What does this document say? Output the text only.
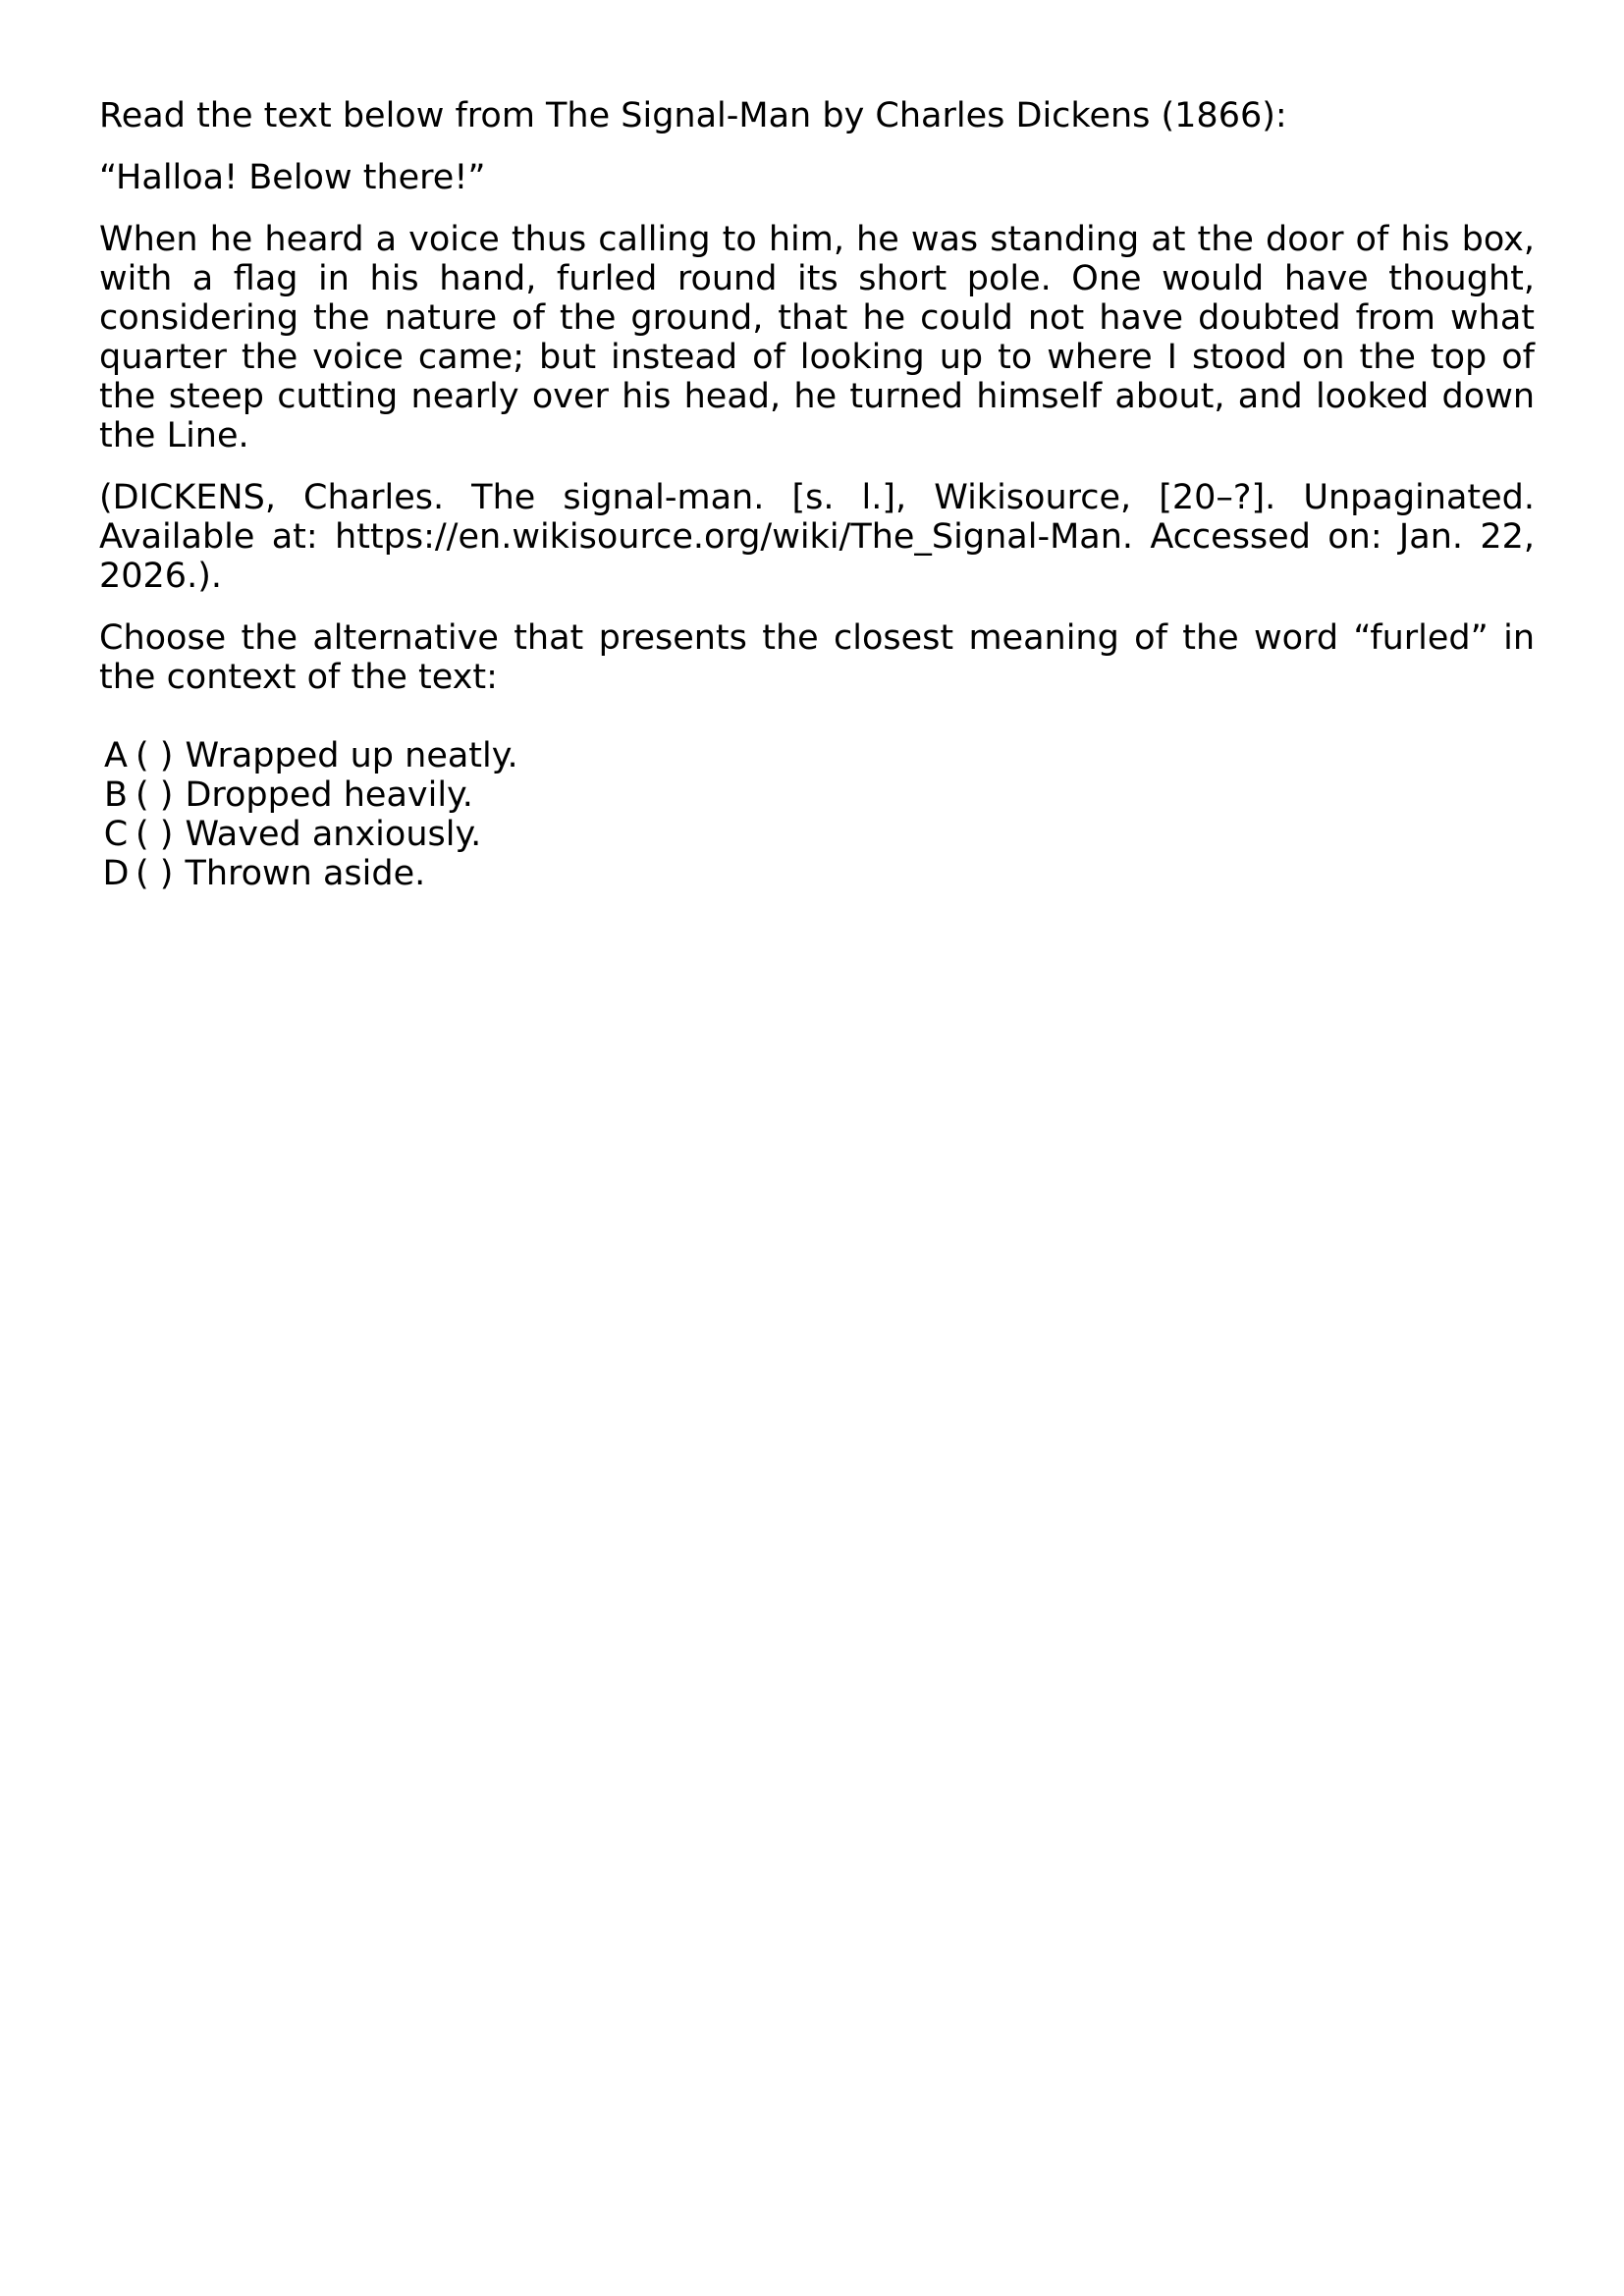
Read the text below from The Signal-Man by Charles Dickens (1866):

“Halloa! Below there!”

When he heard a voice thus calling to him, he was standing at the door of his box, with a flag in his hand, furled round its short pole. One would have thought, considering the nature of the ground, that he could not have doubted from what quarter the voice came; but instead of looking up to where I stood on the top of the steep cutting nearly over his head, he turned himself about, and looked down the Line.

(DICKENS, Charles. The signal-man. [s. l.], Wikisource, [20–?]. Unpaginated. Available at: https://en.wikisource.org/wiki/The_Signal-Man. Accessed on: Jan. 22, 2026.).

Choose the alternative that presents the closest meaning of the word “furled” in the context of the text:

A ( ) Wrapped up neatly.
B ( ) Dropped heavily.
C ( ) Waved anxiously.
D ( ) Thrown aside.
